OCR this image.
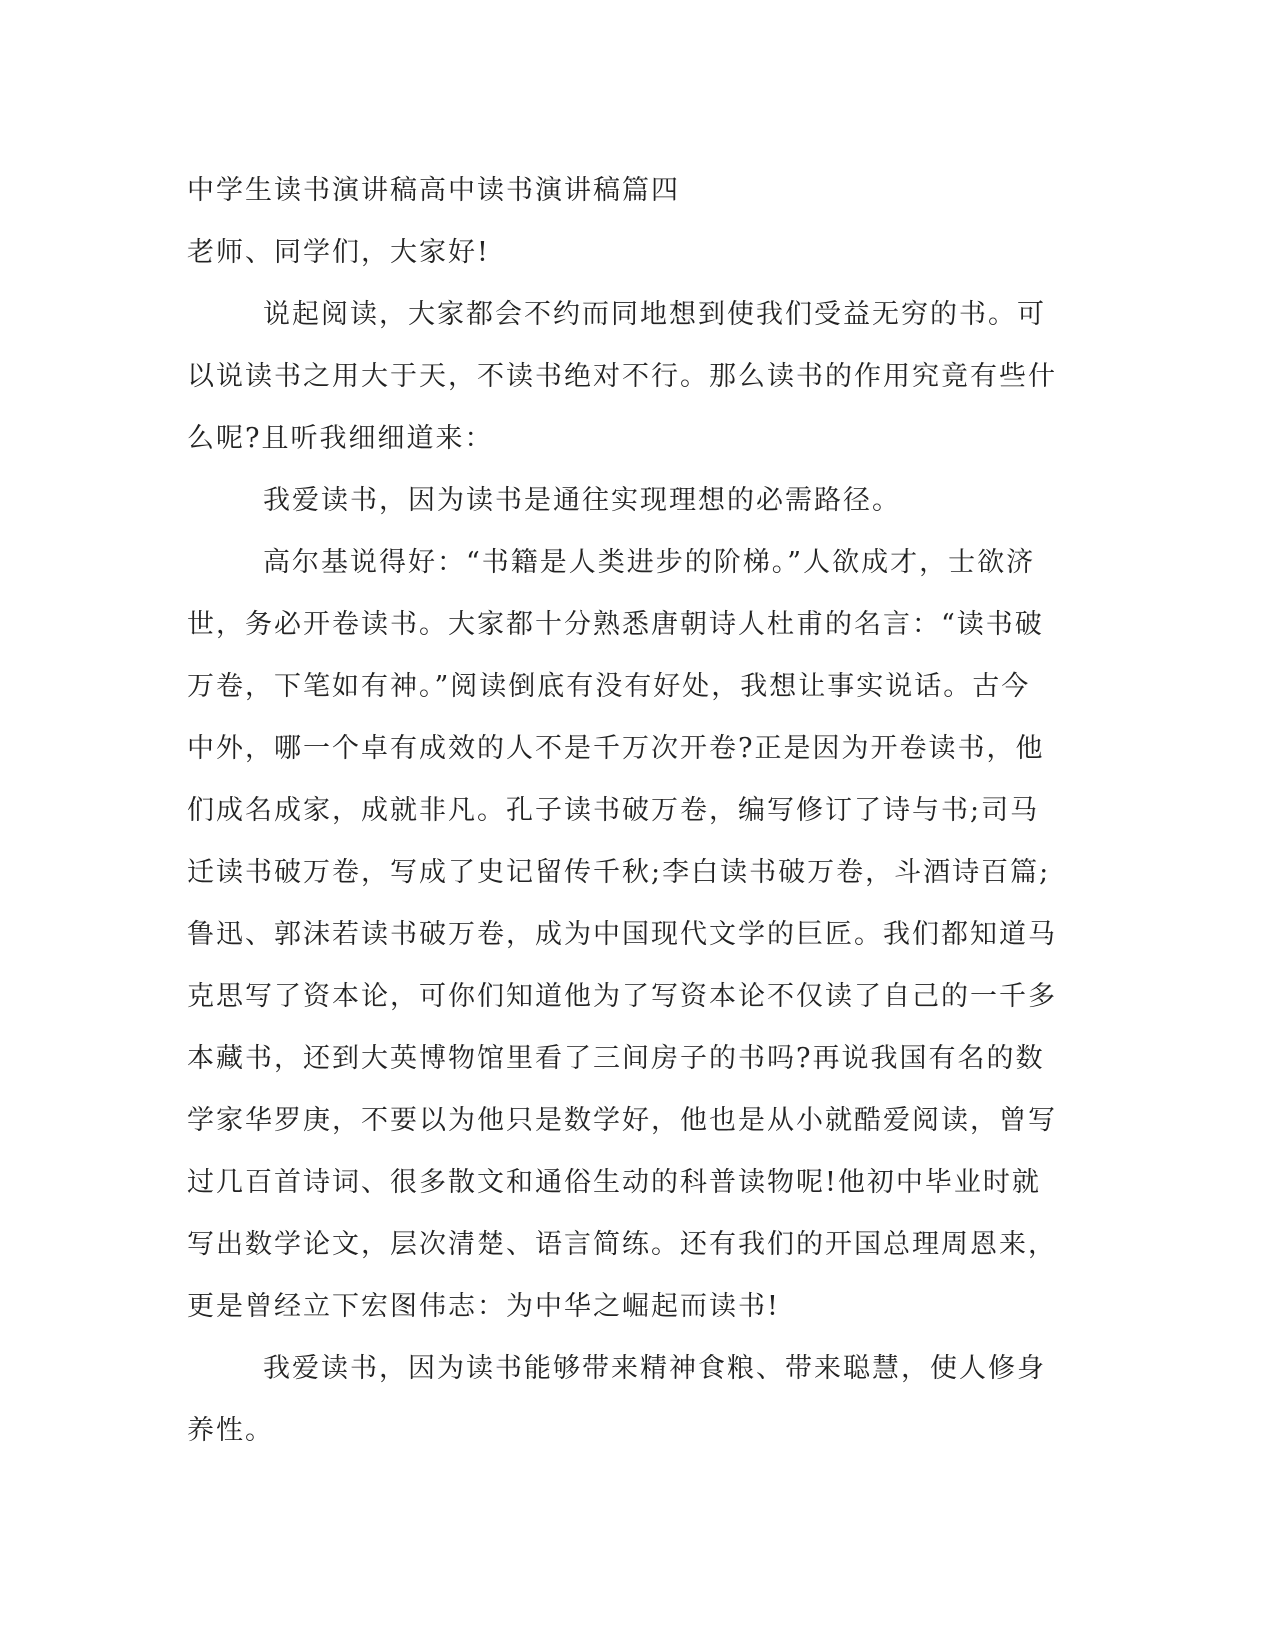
中学生读书演讲稿高中读书演讲稿篇四

老师、同学们，大家好!

说起阅读，大家都会不约而同地想到使我们受益无穷的书。可以说读书之用大于天，不读书绝对不行。那么读书的作用究竟有些什么呢?且听我细细道来：

我爱读书，因为读书是通往实现理想的必需路径。

高尔基说得好：“书籍是人类进步的阶梯。”人欲成才，士欲济世，务必开卷读书。大家都十分熟悉唐朝诗人杜甫的名言：“读书破万卷，下笔如有神。”阅读倒底有没有好处，我想让事实说话。古今中外，哪一个卓有成效的人不是千万次开卷?正是因为开卷读书，他们成名成家，成就非凡。孔子读书破万卷，编写修订了诗与书;司马迁读书破万卷，写成了史记留传千秋;李白读书破万卷，斗酒诗百篇;鲁迅、郭沫若读书破万卷，成为中国现代文学的巨匠。我们都知道马克思写了资本论，可你们知道他为了写资本论不仅读了自己的一千多本藏书，还到大英博物馆里看了三间房子的书吗?再说我国有名的数学家华罗庚，不要以为他只是数学好，他也是从小就酷爱阅读，曾写过几百首诗词、很多散文和通俗生动的科普读物呢!他初中毕业时就写出数学论文，层次清楚、语言简练。还有我们的开国总理周恩来，更是曾经立下宏图伟志：为中华之崛起而读书!

我爱读书，因为读书能够带来精神食粮、带来聪慧，使人修身养性。
